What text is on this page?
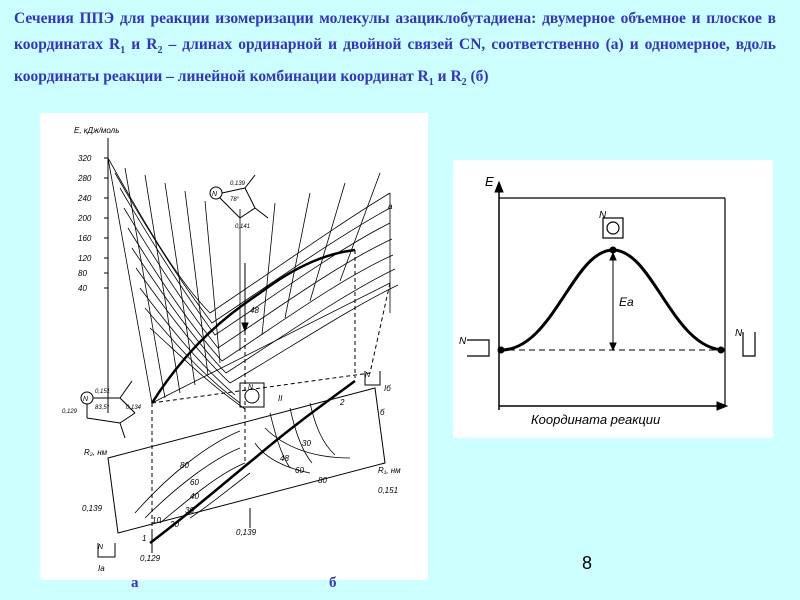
Сечения ППЭ для реакции изомеризации молекулы азациклобутадиена: двумерное объемное и плоское в координатах $R_1$ и $R_2$ – длинах ординарной и двойной связей CN, соответственно (а) и одномерное, вдоль координаты реакции – линейной комбинации координат $R_1$ и $R_2$ (б)

E, кДж/моль
320
280
240
200
160
120
80
40
а
б
48
N
0,139
78°
0,141
N
0,151
83,5°	0,134
0,129
N
II
Iб
Iа
N
N
R₁, нм
R₂, нм
80
60
40
30
20
10
30
48
60
80
0,129
0,139
0,139
0,151
1
2
E
Eа
Координата реакции
N
N
N
8
а	б
